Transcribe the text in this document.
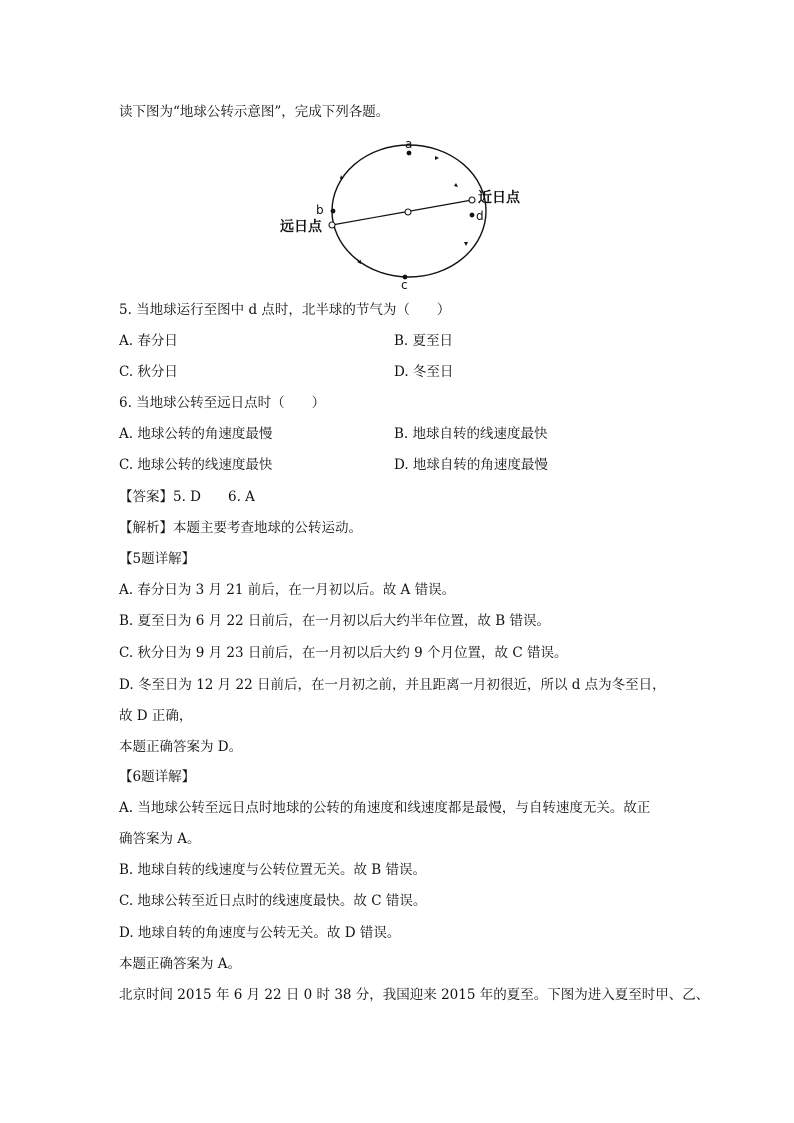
读下图为“地球公转示意图”，完成下列各题。
a
b
c
d
近日点
远日点
5. 当地球运行至图中 d 点时，北半球的节气为（　　）
A. 春分日	B. 夏至日
C. 秋分日	D. 冬至日
6. 当地球公转至远日点时（　　）
A. 地球公转的角速度最慢	B. 地球自转的线速度最快
C. 地球公转的线速度最快	D. 地球自转的角速度最慢
【答案】5. D　　6. A
【解析】本题主要考查地球的公转运动。
【5题详解】
A. 春分日为 3 月 21 前后，在一月初以后。故 A 错误。
B. 夏至日为 6 月 22 日前后，在一月初以后大约半年位置，故 B 错误。
C. 秋分日为 9 月 23 日前后，在一月初以后大约 9 个月位置，故 C 错误。
D. 冬至日为 12 月 22 日前后，在一月初之前，并且距离一月初很近，所以 d 点为冬至日，
故 D 正确，
本题正确答案为 D。
【6题详解】
A. 当地球公转至远日点时地球的公转的角速度和线速度都是最慢，与自转速度无关。故正
确答案为 A。
B. 地球自转的线速度与公转位置无关。故 B 错误。
C. 地球公转至近日点时的线速度最快。故 C 错误。
D. 地球自转的角速度与公转无关。故 D 错误。
本题正确答案为 A。
北京时间 2015 年 6 月 22 日 0 时 38 分，我国迎来 2015 年的夏至。下图为进入夏至时甲、乙、
